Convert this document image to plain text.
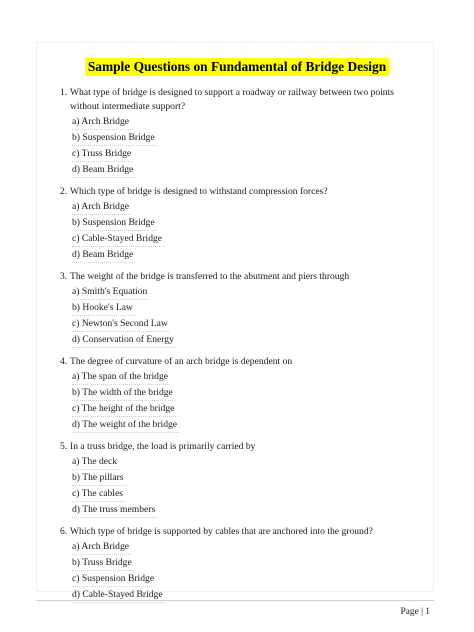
Sample Questions on Fundamental of Bridge Design
1. What type of bridge is designed to support a roadway or railway between two points without intermediate support?
a) Arch Bridge
b) Suspension Bridge
c) Truss Bridge
d) Beam Bridge
2. Which type of bridge is designed to withstand compression forces?
a) Arch Bridge
b) Suspension Bridge
c) Cable-Stayed Bridge
d) Beam Bridge
3. The weight of the bridge is transferred to the abutment and piers through
a) Smith's Equation
b) Hooke's Law
c) Newton's Second Law
d) Conservation of Energy
4. The degree of curvature of an arch bridge is dependent on
a) The span of the bridge
b) The width of the bridge
c) The height of the bridge
d) The weight of the bridge
5. In a truss bridge, the load is primarily carried by
a) The deck
b) The pillars
c) The cables
d) The truss members
6. Which type of bridge is supported by cables that are anchored into the ground?
a) Arch Bridge
b) Truss Bridge
c) Suspension Bridge
d) Cable-Stayed Bridge
Page | 1
